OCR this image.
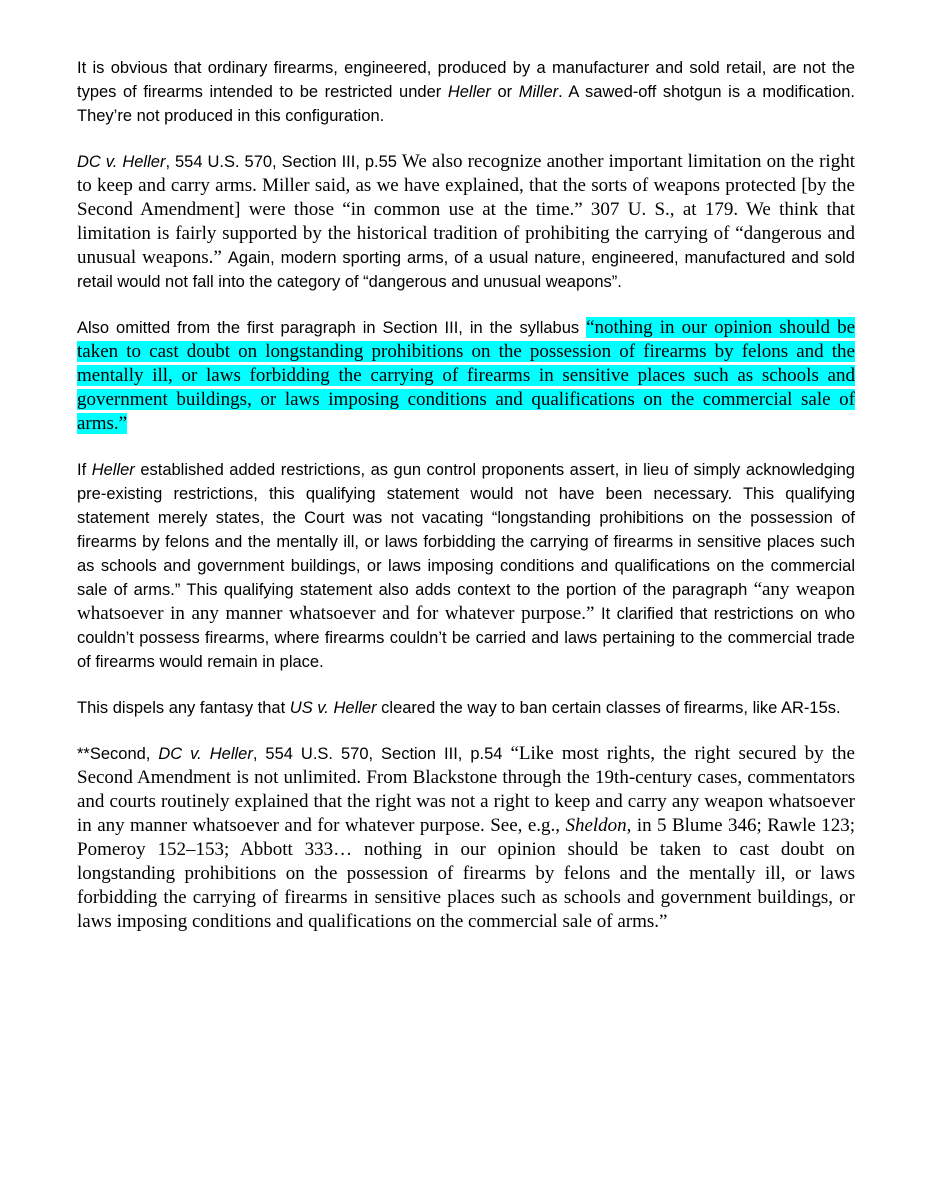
It is obvious that ordinary firearms, engineered, produced by a manufacturer and sold retail, are not the types of firearms intended to be restricted under Heller or Miller. A sawed-off shotgun is a modification. They’re not produced in this configuration.

DC v. Heller, 554 U.S. 570, Section III, p.55 We also recognize another important limitation on the right to keep and carry arms. Miller said, as we have explained, that the sorts of weapons protected [by the Second Amendment] were those “in common use at the time.” 307 U. S., at 179. We think that limitation is fairly supported by the historical tradition of prohibiting the carrying of “dangerous and unusual weapons.” Again, modern sporting arms, of a usual nature, engineered, manufactured and sold retail would not fall into the category of “dangerous and unusual weapons”.

Also omitted from the first paragraph in Section III, in the syllabus “nothing in our opinion should be taken to cast doubt on longstanding prohibitions on the possession of firearms by felons and the mentally ill, or laws forbidding the carrying of firearms in sensitive places such as schools and government buildings, or laws imposing conditions and qualifications on the commercial sale of arms.”

If Heller established added restrictions, as gun control proponents assert, in lieu of simply acknowledging pre-existing restrictions, this qualifying statement would not have been necessary. This qualifying statement merely states, the Court was not vacating “longstanding prohibitions on the possession of firearms by felons and the mentally ill, or laws forbidding the carrying of firearms in sensitive places such as schools and government buildings, or laws imposing conditions and qualifications on the commercial sale of arms.” This qualifying statement also adds context to the portion of the paragraph “any weapon whatsoever in any manner whatsoever and for whatever purpose.” It clarified that restrictions on who couldn’t possess firearms, where firearms couldn’t be carried and laws pertaining to the commercial trade of firearms would remain in place.

This dispels any fantasy that US v. Heller cleared the way to ban certain classes of firearms, like AR-15s.

**Second, DC v. Heller, 554 U.S. 570, Section III, p.54 “Like most rights, the right secured by the Second Amendment is not unlimited. From Blackstone through the 19th-century cases, commentators and courts routinely explained that the right was not a right to keep and carry any weapon whatsoever in any manner whatsoever and for whatever purpose. See, e.g., Sheldon, in 5 Blume 346; Rawle 123; Pomeroy 152–153; Abbott 333… nothing in our opinion should be taken to cast doubt on longstanding prohibitions on the possession of firearms by felons and the mentally ill, or laws forbidding the carrying of firearms in sensitive places such as schools and government buildings, or laws imposing conditions and qualifications on the commercial sale of arms.”
